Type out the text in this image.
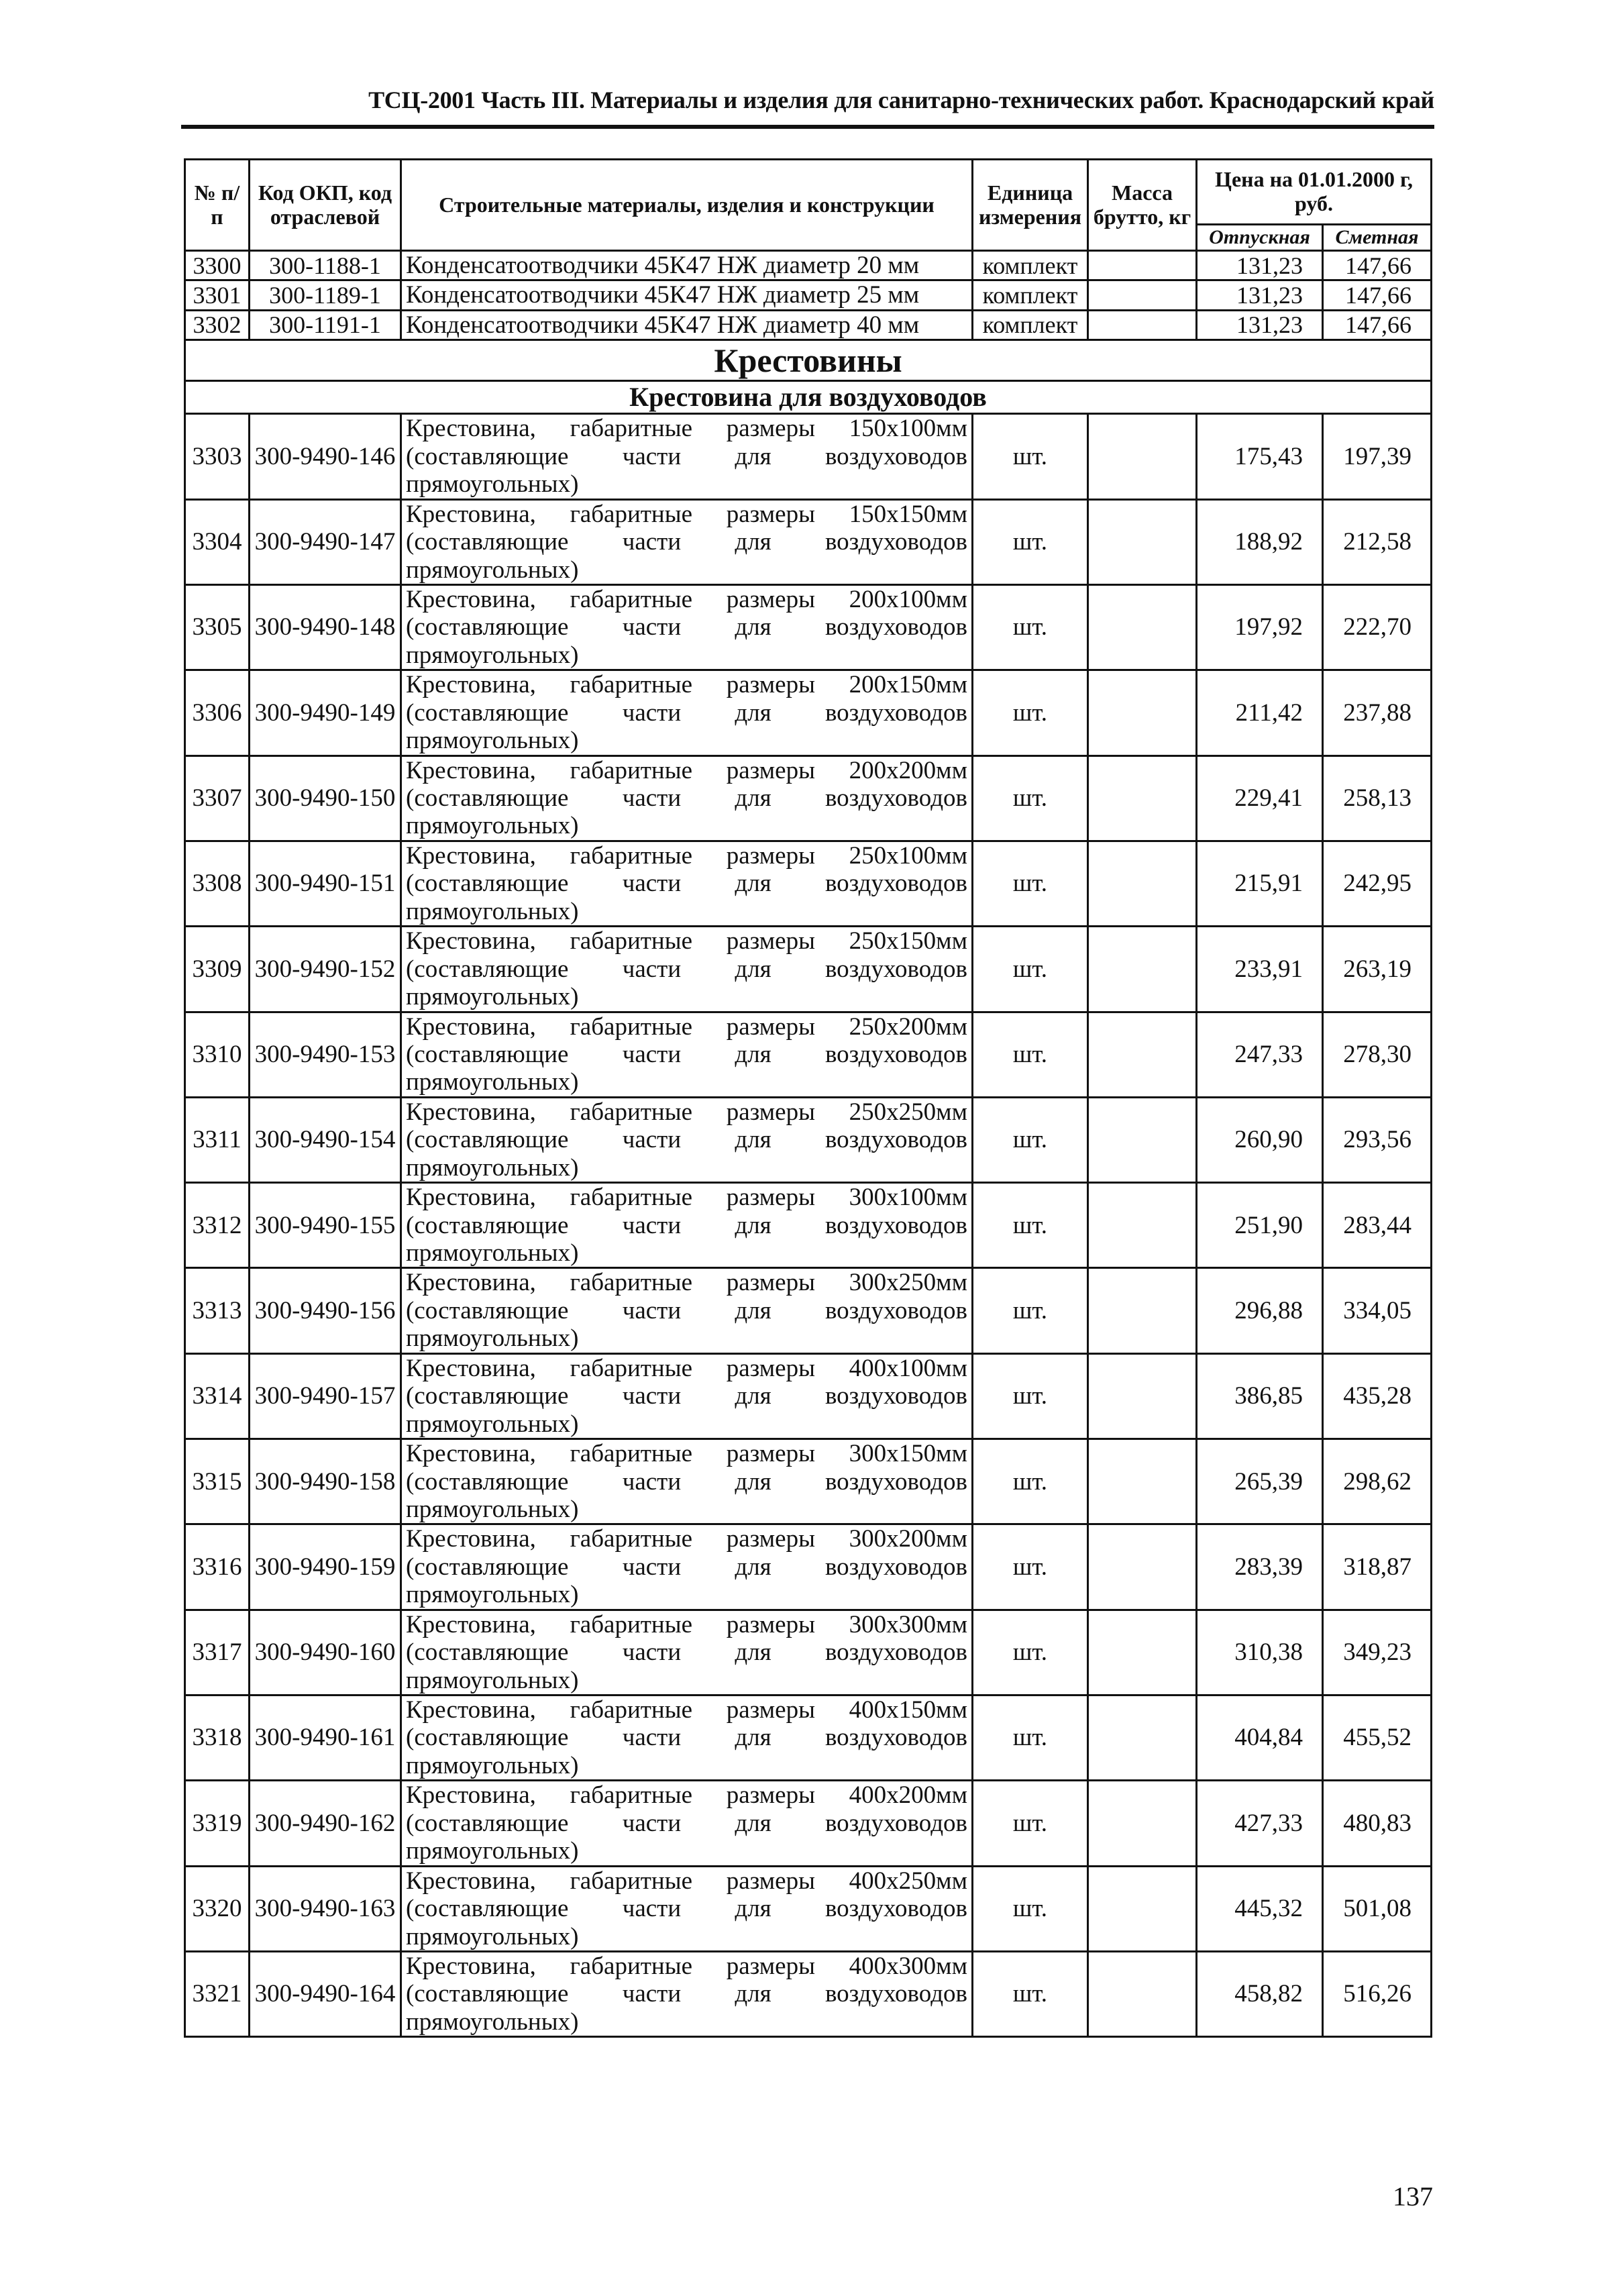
ТСЦ-2001 Часть III. Материалы и изделия для санитарно-технических работ. Краснодарский край
№ п/п	Код ОКП, код отраслевой	Строительные материалы, изделия и конструкции	Единица измерения	Масса брутто, кг	Цена на 01.01.2000 г, руб.	
					Отпускная	Сметная
3300	300-1188-1	Конденсатоотводчики 45К47 НЖ диаметр 20 мм	комплект		131,23	147,66
3301	300-1189-1	Конденсатоотводчики 45К47 НЖ диаметр 25 мм	комплект		131,23	147,66
3302	300-1191-1	Конденсатоотводчики 45К47 НЖ диаметр 40 мм	комплект		131,23	147,66
Крестовины						
Крестовина для воздуховодов						
3303	300-9490-146	Крестовина, габаритные размеры 150х100мм (составляющие части для воздуховодов прямоугольных)	шт.		175,43	197,39
3304	300-9490-147	Крестовина, габаритные размеры 150х150мм (составляющие части для воздуховодов прямоугольных)	шт.		188,92	212,58
3305	300-9490-148	Крестовина, габаритные размеры 200х100мм (составляющие части для воздуховодов прямоугольных)	шт.		197,92	222,70
3306	300-9490-149	Крестовина, габаритные размеры 200х150мм (составляющие части для воздуховодов прямоугольных)	шт.		211,42	237,88
3307	300-9490-150	Крестовина, габаритные размеры 200х200мм (составляющие части для воздуховодов прямоугольных)	шт.		229,41	258,13
3308	300-9490-151	Крестовина, габаритные размеры 250х100мм (составляющие части для воздуховодов прямоугольных)	шт.		215,91	242,95
3309	300-9490-152	Крестовина, габаритные размеры 250х150мм (составляющие части для воздуховодов прямоугольных)	шт.		233,91	263,19
3310	300-9490-153	Крестовина, габаритные размеры 250х200мм (составляющие части для воздуховодов прямоугольных)	шт.		247,33	278,30
3311	300-9490-154	Крестовина, габаритные размеры 250х250мм (составляющие части для воздуховодов прямоугольных)	шт.		260,90	293,56
3312	300-9490-155	Крестовина, габаритные размеры 300х100мм (составляющие части для воздуховодов прямоугольных)	шт.		251,90	283,44
3313	300-9490-156	Крестовина, габаритные размеры 300х250мм (составляющие части для воздуховодов прямоугольных)	шт.		296,88	334,05
3314	300-9490-157	Крестовина, габаритные размеры 400х100мм (составляющие части для воздуховодов прямоугольных)	шт.		386,85	435,28
3315	300-9490-158	Крестовина, габаритные размеры 300х150мм (составляющие части для воздуховодов прямоугольных)	шт.		265,39	298,62
3316	300-9490-159	Крестовина, габаритные размеры 300х200мм (составляющие части для воздуховодов прямоугольных)	шт.		283,39	318,87
3317	300-9490-160	Крестовина, габаритные размеры 300х300мм (составляющие части для воздуховодов прямоугольных)	шт.		310,38	349,23
3318	300-9490-161	Крестовина, габаритные размеры 400х150мм (составляющие части для воздуховодов прямоугольных)	шт.		404,84	455,52
3319	300-9490-162	Крестовина, габаритные размеры 400х200мм (составляющие части для воздуховодов прямоугольных)	шт.		427,33	480,83
3320	300-9490-163	Крестовина, габаритные размеры 400х250мм (составляющие части для воздуховодов прямоугольных)	шт.		445,32	501,08
3321	300-9490-164	Крестовина, габаритные размеры 400х300мм (составляющие части для воздуховодов прямоугольных)	шт.		458,82	516,26
137
